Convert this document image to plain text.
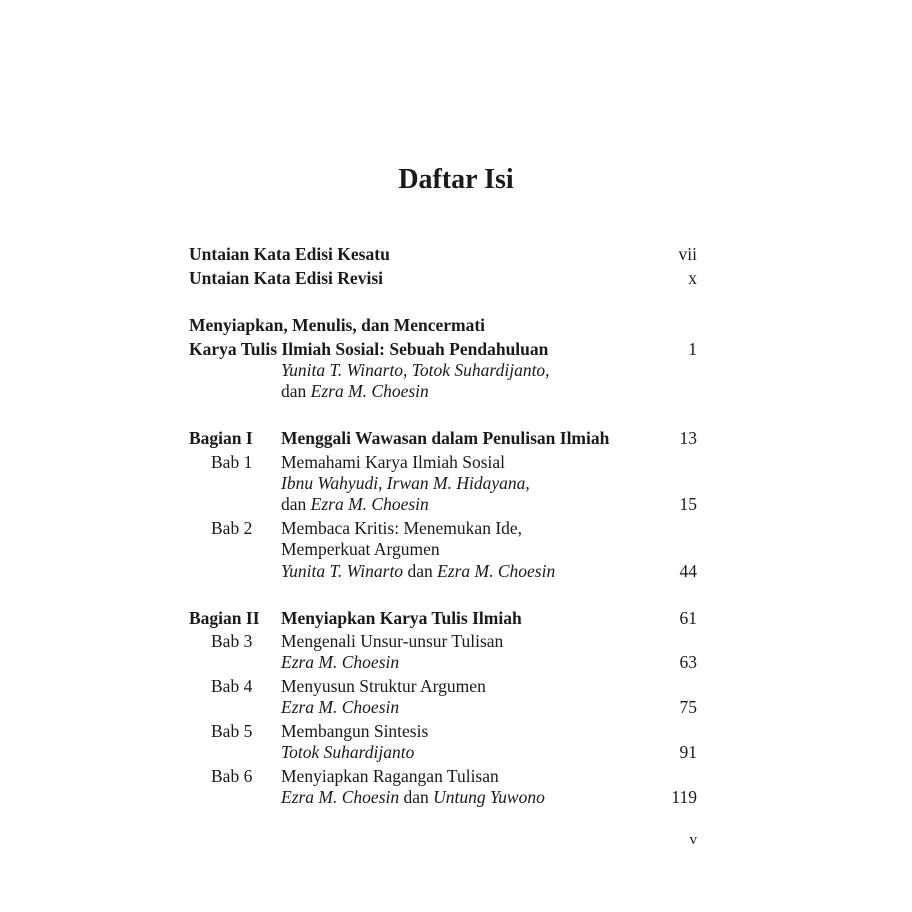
Daftar Isi
Untaian Kata Edisi Kesatu	vii
Untaian Kata Edisi Revisi	x
Menyiapkan, Menulis, dan Mencermati
Karya Tulis Ilmiah Sosial: Sebuah Pendahuluan	1
Yunita T. Winarto, Totok Suhardijanto,
dan Ezra M. Choesin
Bagian I Menggali Wawasan dalam Penulisan Ilmiah	13
Bab 1 Memahami Karya Ilmiah Sosial
Ibnu Wahyudi, Irwan M. Hidayana,
dan Ezra M. Choesin	15
Bab 2 Membaca Kritis: Menemukan Ide,
Memperkuat Argumen
Yunita T. Winarto dan Ezra M. Choesin	44
Bagian II Menyiapkan Karya Tulis Ilmiah	61
Bab 3 Mengenali Unsur-unsur Tulisan
Ezra M. Choesin	63
Bab 4 Menyusun Struktur Argumen
Ezra M. Choesin	75
Bab 5 Membangun Sintesis
Totok Suhardijanto	91
Bab 6 Menyiapkan Ragangan Tulisan
Ezra M. Choesin dan Untung Yuwono	119
v
